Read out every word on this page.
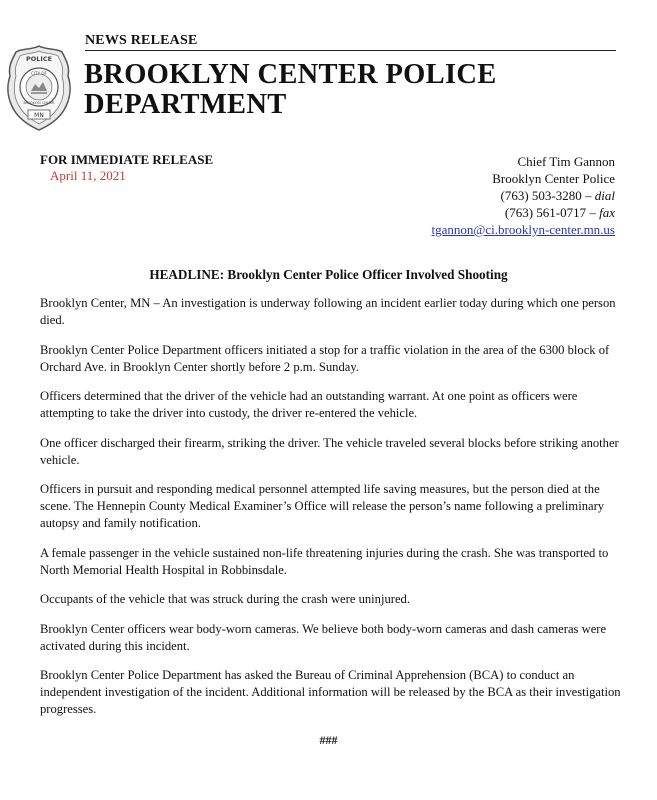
POLICE
CITY OF
BROOKLYN CENTER
MN
NEWS RELEASE
BROOKLYN CENTER POLICE
DEPARTMENT
FOR IMMEDIATE RELEASE
April 11, 2021
Chief Tim Gannon
Brooklyn Center Police
(763) 503-3280 – dial
(763) 561-0717 – fax
tgannon@ci.brooklyn-center.mn.us
HEADLINE: Brooklyn Center Police Officer Involved Shooting

Brooklyn Center, MN – An investigation is underway following an incident earlier today during which one person died.

Brooklyn Center Police Department officers initiated a stop for a traffic violation in the area of the 6300 block of Orchard Ave. in Brooklyn Center shortly before 2 p.m. Sunday.

Officers determined that the driver of the vehicle had an outstanding warrant. At one point as officers were attempting to take the driver into custody, the driver re-entered the vehicle.

One officer discharged their firearm, striking the driver. The vehicle traveled several blocks before striking another vehicle.

Officers in pursuit and responding medical personnel attempted life saving measures, but the person died at the scene. The Hennepin County Medical Examiner’s Office will release the person’s name following a preliminary autopsy and family notification.

A female passenger in the vehicle sustained non-life threatening injuries during the crash. She was transported to North Memorial Health Hospital in Robbinsdale.

Occupants of the vehicle that was struck during the crash were uninjured.

Brooklyn Center officers wear body-worn cameras. We believe both body-worn cameras and dash cameras were activated during this incident.

Brooklyn Center Police Department has asked the Bureau of Criminal Apprehension (BCA) to conduct an independent investigation of the incident. Additional information will be released by the BCA as their investigation progresses.

###
